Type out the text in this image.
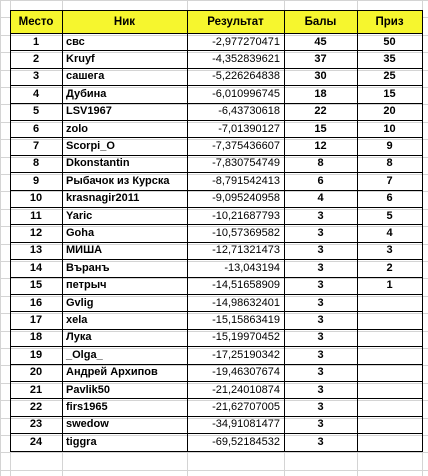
Место	Ник	Результат	Балы	Приз
1	свс	-2,977270471	45	50
2	Kruyf	-4,352839621	37	35
3	сашега	-5,226264838	30	25
4	Дубина	-6,010996745	18	15
5	LSV1967	-6,43730618	22	20
6	zolo	-7,01390127	15	10
7	Scorpi_O	-7,375436607	12	9
8	Dkonstantin	-7,830754749	8	8
9	Рыбачок из Курска	-8,791542413	6	7
10	krasnagir2011	-9,095240958	4	6
11	Yaric	-10,21687793	3	5
12	Goha	-10,57369582	3	4
13	МИША	-12,71321473	3	3
14	Въранъ	-13,043194	3	2
15	петрыч	-14,51658909	3	1
16	Gvlig	-14,98632401	3
17	xela	-15,15863419	3
18	Лука	-15,19970452	3
19	_Olga_	-17,25190342	3
20	Андрей Архипов	-19,46307674	3
21	Pavlik50	-21,24010874	3
22	firs1965	-21,62707005	3
23	swedow	-34,91081477	3
24	tiggra	-69,52184532	3
